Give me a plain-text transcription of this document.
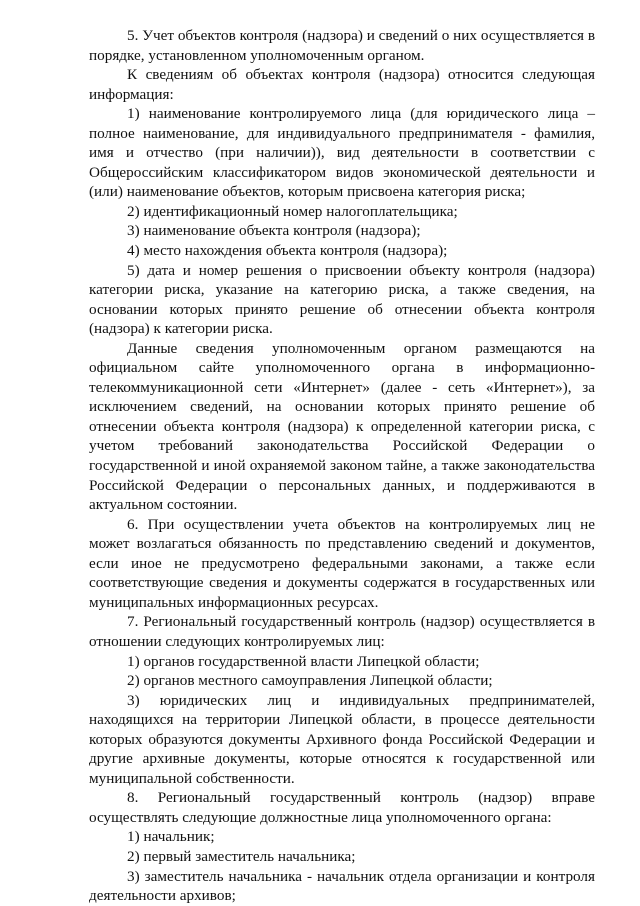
5. Учет объектов контроля (надзора) и сведений о них осуществляется в порядке, установленном уполномоченным органом.

К сведениям об объектах контроля (надзора) относится следующая информация:

1) наименование контролируемого лица (для юридического лица – полное наименование, для индивидуального предпринимателя - фамилия, имя и отчество (при наличии)), вид деятельности в соответствии с Общероссийским классификатором видов экономической деятельности и (или) наименование объектов, которым присвоена категория риска;

2) идентификационный номер налогоплательщика;

3) наименование объекта контроля (надзора);

4) место нахождения объекта контроля (надзора);

5) дата и номер решения о присвоении объекту контроля (надзора) категории риска, указание на категорию риска, а также сведения, на основании которых принято решение об отнесении объекта контроля (надзора) к категории риска.

Данные сведения уполномоченным органом размещаются на официальном сайте уполномоченного органа в информационно-телекоммуникационной сети «Интернет» (далее - сеть «Интернет»), за исключением сведений, на основании которых принято решение об отнесении объекта контроля (надзора) к определенной категории риска, с учетом требований законодательства Российской Федерации о государственной и иной охраняемой законом тайне, а также законодательства Российской Федерации о персональных данных, и поддерживаются в актуальном состоянии.

6. При осуществлении учета объектов на контролируемых лиц не может возлагаться обязанность по представлению сведений и документов, если иное не предусмотрено федеральными законами, а также если соответствующие сведения и документы содержатся в государственных или муниципальных информационных ресурсах.

7. Региональный государственный контроль (надзор) осуществляется в отношении следующих контролируемых лиц:

1) органов государственной власти Липецкой области;

2) органов местного самоуправления Липецкой области;

3) юридических лиц и индивидуальных предпринимателей, находящихся на территории Липецкой области, в процессе деятельности которых образуются документы Архивного фонда Российской Федерации и другие архивные документы, которые относятся к государственной или муниципальной собственности.

8. Региональный государственный контроль (надзор) вправе осуществлять следующие должностные лица уполномоченного органа:

1) начальник;

2) первый заместитель начальника;

3) заместитель начальника - начальник отдела организации и контроля деятельности архивов;
